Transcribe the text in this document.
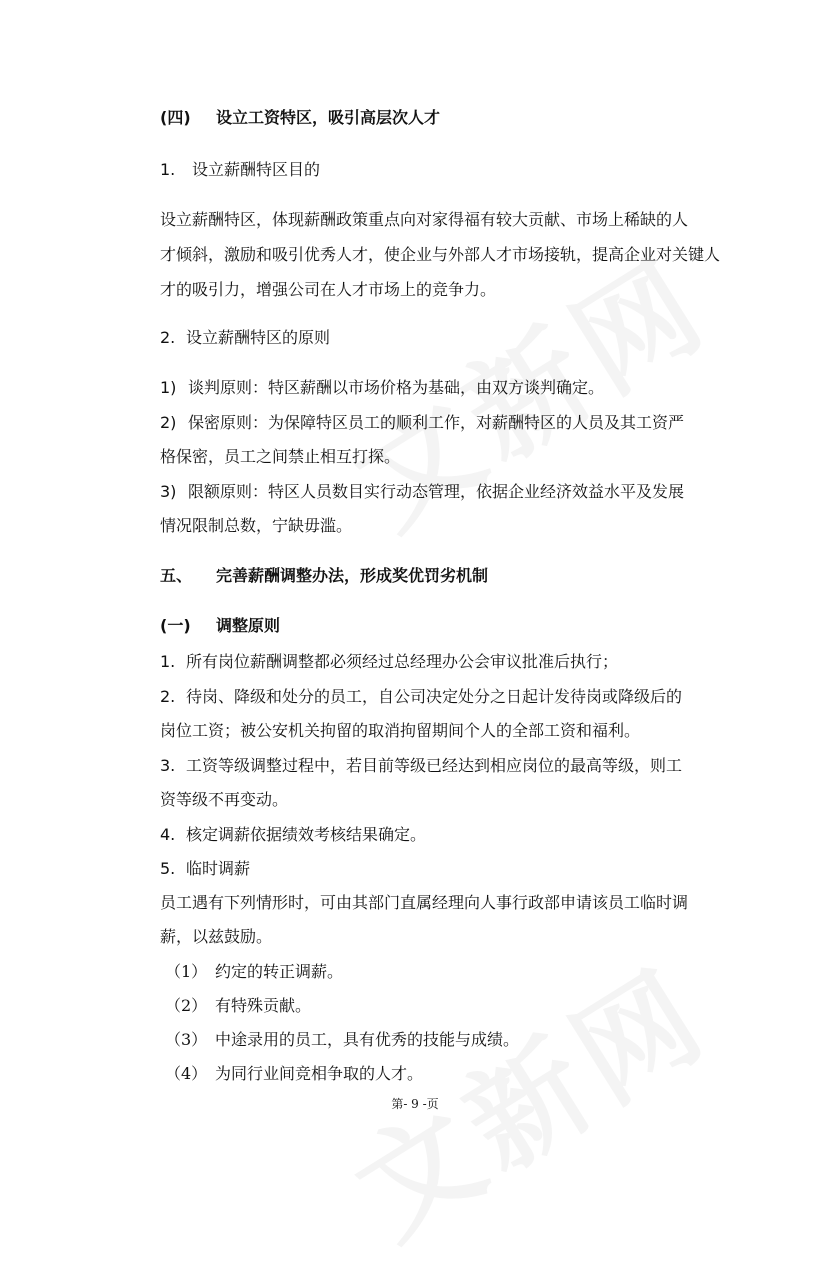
(四) 设立工资特区，吸引高层次人才
1. 设立薪酬特区目的
设立薪酬特区，体现薪酬政策重点向对家得福有较大贡献、市场上稀缺的人
才倾斜，激励和吸引优秀人才，使企业与外部人才市场接轨，提高企业对关键人
才的吸引力，增强公司在人才市场上的竞争力。
2. 设立薪酬特区的原则
1) 谈判原则：特区薪酬以市场价格为基础，由双方谈判确定。
2) 保密原则：为保障特区员工的顺利工作，对薪酬特区的人员及其工资严
格保密，员工之间禁止相互打探。
3) 限额原则：特区人员数目实行动态管理，依据企业经济效益水平及发展
情况限制总数，宁缺毋滥。
五、 完善薪酬调整办法，形成奖优罚劣机制
(一) 调整原则
1. 所有岗位薪酬调整都必须经过总经理办公会审议批准后执行；
2. 待岗、降级和处分的员工，自公司决定处分之日起计发待岗或降级后的
岗位工资；被公安机关拘留的取消拘留期间个人的全部工资和福利。
3. 工资等级调整过程中，若目前等级已经达到相应岗位的最高等级，则工
资等级不再变动。
4. 核定调薪依据绩效考核结果确定。
5. 临时调薪
员工遇有下列情形时，可由其部门直属经理向人事行政部申请该员工临时调
薪，以兹鼓励。
（1） 约定的转正调薪。
（2） 有特殊贡献。
（3） 中途录用的员工，具有优秀的技能与成绩。
（4） 为同行业间竞相争取的人才。
第- 9 -页
